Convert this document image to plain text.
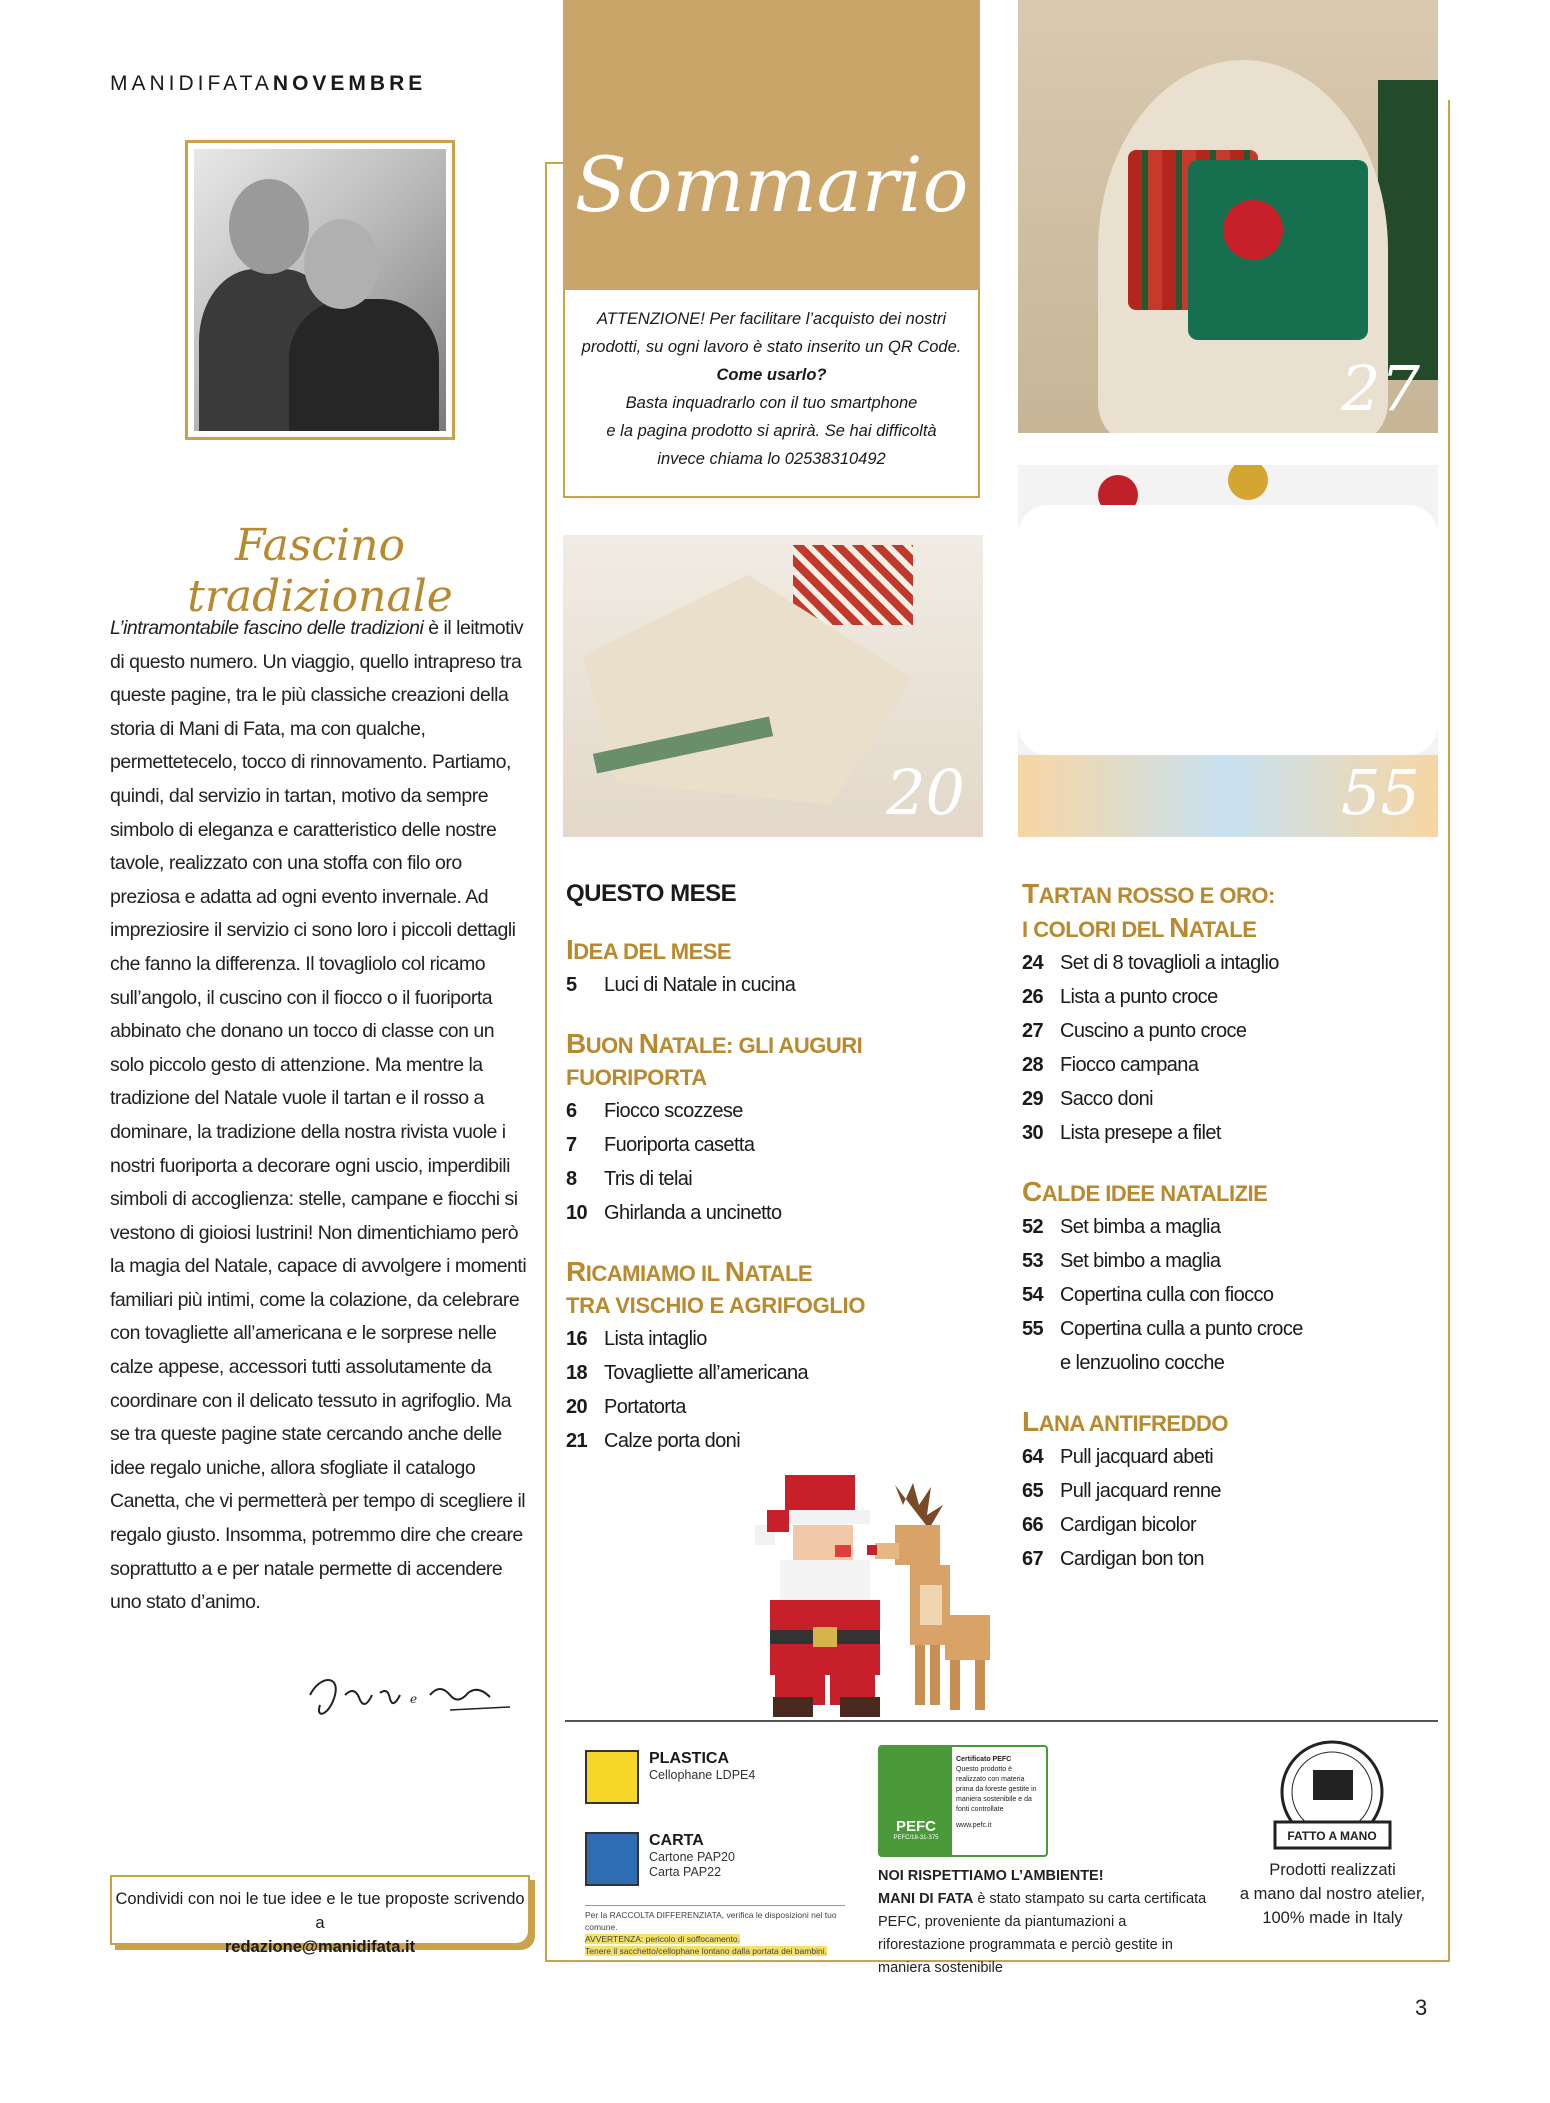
MANIDIFATANOVEMBRE
Fascino tradizionale
L’intramontabile fascino delle tradizioni è il leitmotiv di questo numero. Un viaggio, quello intrapreso tra queste pagine, tra le più classiche creazioni della storia di Mani di Fata, ma con qualche, permettetecelo, tocco di rinnovamento. Partiamo, quindi, dal servizio in tartan, motivo da sempre simbolo di eleganza e caratteristico delle nostre tavole, realizzato con una stoffa con filo oro preziosa e adatta ad ogni evento invernale. Ad impreziosire il servizio ci sono loro i piccoli dettagli che fanno la differenza. Il tovagliolo col ricamo sull’angolo, il cuscino con il fiocco o il fuoriporta abbinato che donano un tocco di classe con un solo piccolo gesto di attenzione. Ma mentre la tradizione del Natale vuole il tartan e il rosso a dominare, la tradizione della nostra rivista vuole i nostri fuoriporta a decorare ogni uscio, imperdibili simboli di accoglienza: stelle, campane e fiocchi si vestono di gioiosi lustrini! Non dimentichiamo però la magia del Natale, capace di avvolgere i momenti familiari più intimi, come la colazione, da celebrare con tovagliette all’americana e le sorprese nelle calze appese, accessori tutti assolutamente da coordinare con il delicato tessuto in agrifoglio. Ma se tra queste pagine state cercando anche delle idee regalo uniche, allora sfogliate il catalogo Canetta, che vi permetterà per tempo di scegliere il regalo giusto. Insomma, potremmo dire che creare soprattutto a e per natale permette di accendere uno stato d’animo.
e
Condividi con noi le tue idee e le tue proposte scrivendo a
redazione@manidifata.it
Sommario
ATTENZIONE! Per facilitare l’acquisto dei nostri
prodotti, su ogni lavoro è stato inserito un QR Code.
Come usarlo?
Basta inquadrarlo con il tuo smartphone
e la pagina prodotto si aprirà. Se hai difficoltà
invece chiama lo 02538310492
27
20	55
QUESTO MESE
IDEA DEL MESE
5	Luci di Natale in cucina
BUON NATALE: GLI AUGURI
FUORIPORTA
6	Fiocco scozzese
7	Fuoriporta casetta
8	Tris di telai
10 Ghirlanda a uncinetto
RICAMIAMO IL NATALE
TRA VISCHIO E AGRIFOGLIO
16 Lista intaglio
18 Tovagliette all’americana
20 Portatorta
21 Calze porta doni
TARTAN ROSSO E ORO:
I COLORI DEL NATALE
24 Set di 8 tovaglioli a intaglio
26 Lista a punto croce
27 Cuscino a punto croce
28 Fiocco campana
29 Sacco doni
30 Lista presepe a filet
CALDE IDEE NATALIZIE
52 Set bimba a maglia
53 Set bimbo a maglia
54 Copertina culla con fiocco
55 Copertina culla a punto croce
e lenzuolino cocche
LANA ANTIFREDDO
64 Pull jacquard abeti
65 Pull jacquard renne
66 Cardigan bicolor
67 Cardigan bon ton
PLASTICA
Cellophane LDPE4
CARTA
Cartone PAP20
Carta PAP22
Per la RACCOLTA DIFFERENZIATA, verifica le disposizioni nel tuo comune.
AVVERTENZA: pericolo di soffocamento.
Tenere il sacchetto/cellophane lontano dalla portata dei bambini.
PEFC
PEFC/18-31-375
Certificato PEFC
Questo prodotto è realizzato con materia prima da foreste gestite in maniera sostenibile e da fonti controllate
www.pefc.it
NOI RISPETTIAMO L’AMBIENTE!
MANI DI FATA è stato stampato su carta certificata PEFC, proveniente da piantumazioni a riforestazione programmata e perciò gestite in maniera sostenibile
FATTO A MANO
Prodotti realizzati
a mano dal nostro atelier,
100% made in Italy
3
